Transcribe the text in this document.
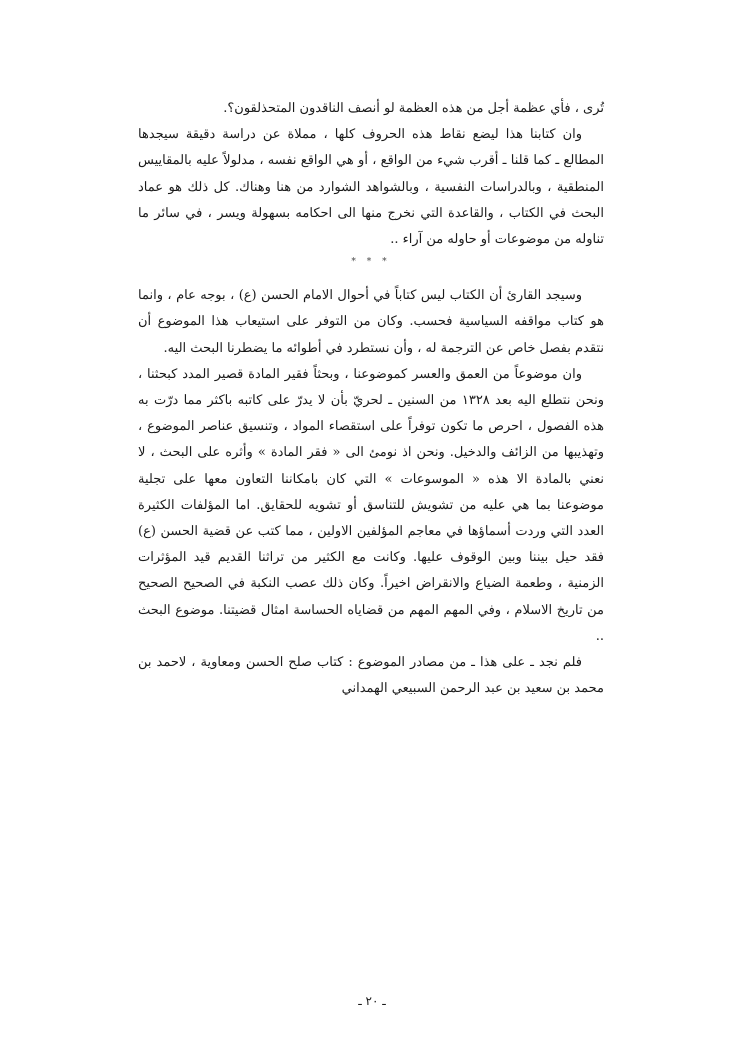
تُرى ، فأي عظمة أجل من هذه العظمة لو أنصف الناقدون المتحذلقون؟.

وان كتابنا هذا ليضع نقاط هذه الحروف كلها ، مملاة عن دراسة دقيقة سيجدها المطالع ـ كما قلنا ـ أقرب شيء من الواقع ، أو هي الواقع نفسه ، مدلولاً عليه بالمقاييس المنطقية ، وبالدراسات النفسية ، وبالشواهد الشوارد من هنا وهناك. كل ذلك هو عماد البحث في الكتاب ، والقاعدة التي نخرج منها الى احكامه بسهولة ويسر ، في سائر ما تناوله من موضوعات أو حاوله من آراء ..

* * *

وسيجد القارئ أن الكتاب ليس كتاباً في أحوال الامام الحسن (ع) ، بوجه عام ، وانما هو كتاب مواقفه السياسية فحسب. وكان من التوفر على استيعاب هذا الموضوع أن نتقدم بفصل خاص عن الترجمة له ، وأن نستطرد في أطوائه ما يضطرنا البحث اليه.

وان موضوعاً من العمق والعسر كموضوعنا ، وبحثاً فقير المادة قصير المدد كبحثنا ، ونحن نتطلع اليه بعد ١٣٢٨ من السنين ـ لحريّ بأن لا يدرّ على كاتبه باكثر مما درّت به هذه الفصول ، احرص ما تكون توفراً على استقصاء المواد ، وتنسيق عناصر الموضوع ، وتهذيبها من الزائف والدخيل. ونحن اذ نومئ الى « فقر المادة » وأثره على البحث ، لا نعني بالمادة الا هذه « الموسوعات » التي كان بامكاننا التعاون معها على تجلية موضوعنا بما هي عليه من تشويش للتناسق أو تشويه للحقايق. اما المؤلفات الكثيرة العدد التي وردت أسماؤها في معاجم المؤلفين الاولين ، مما كتب عن قضية الحسن (ع) فقد حيل بيننا وبين الوقوف عليها. وكانت مع الكثير من تراثنا القديم قيد المؤثرات الزمنية ، وطعمة الضياع والانقراض اخيراً. وكان ذلك عصب النكبة في الصحيح الصحيح من تاريخ الاسلام ، وفي المهم المهم من قضاياه الحساسة امثال قضيتنا. موضوع البحث ..

فلم نجد ـ على هذا ـ من مصادر الموضوع : كتاب صلح الحسن ومعاوية ، لاحمد بن محمد بن سعيد بن عبد الرحمن السبيعي الهمداني

ـ ٢٠ ـ
